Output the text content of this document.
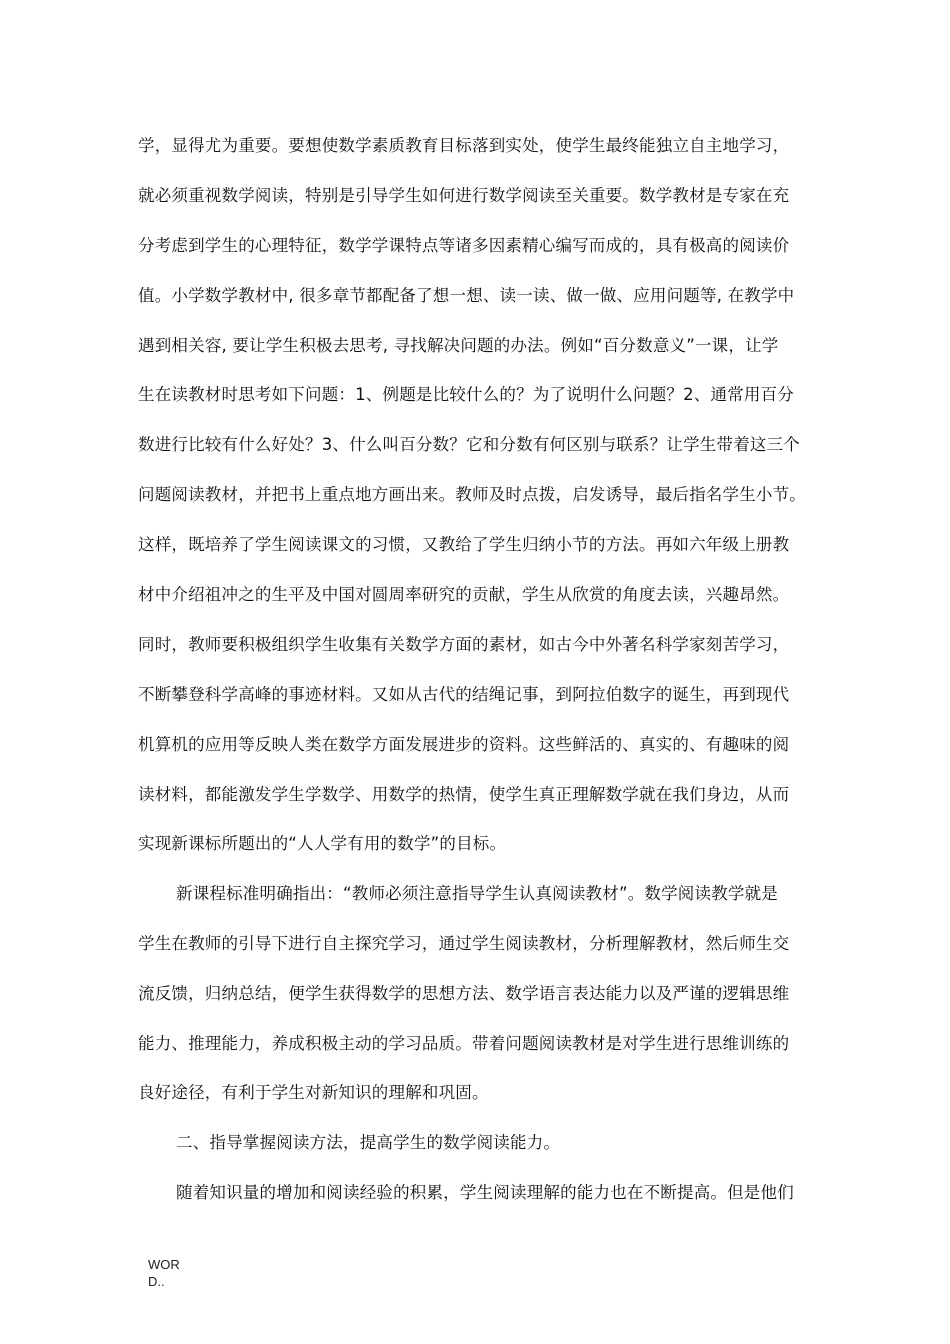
学，显得尤为重要。要想使数学素质教育目标落到实处，使学生最终能独立自主地学习，
就必须重视数学阅读，特别是引导学生如何进行数学阅读至关重要。数学教材是专家在充
分考虑到学生的心理特征，数学学课特点等诸多因素精心编写而成的，具有极高的阅读价
值。小学数学教材中, 很多章节都配备了想一想、读一读、做一做、应用问题等, 在教学中
遇到相关容, 要让学生积极去思考, 寻找解决问题的办法。例如“百分数意义”一课，让学
生在读教材时思考如下问题：1、例题是比较什么的？为了说明什么问题？2、通常用百分
数进行比较有什么好处？3、什么叫百分数？它和分数有何区别与联系？让学生带着这三个
问题阅读教材，并把书上重点地方画出来。教师及时点拨，启发诱导，最后指名学生小节。
这样，既培养了学生阅读课文的习惯，又教给了学生归纳小节的方法。再如六年级上册教
材中介绍祖冲之的生平及中国对圆周率研究的贡献，学生从欣赏的角度去读，兴趣昂然。
同时，教师要积极组织学生收集有关数学方面的素材，如古今中外著名科学家刻苦学习，
不断攀登科学高峰的事迹材料。又如从古代的结绳记事，到阿拉伯数字的诞生，再到现代
机算机的应用等反映人类在数学方面发展进步的资料。这些鲜活的、真实的、有趣味的阅
读材料，都能激发学生学数学、用数学的热情，使学生真正理解数学就在我们身边，从而
实现新课标所题出的“人人学有用的数学”的目标。
新课程标准明确指出：“教师必须注意指导学生认真阅读教材”。数学阅读教学就是
学生在教师的引导下进行自主探究学习，通过学生阅读教材，分析理解教材，然后师生交
流反馈，归纳总结，便学生获得数学的思想方法、数学语言表达能力以及严谨的逻辑思维
能力、推理能力，养成积极主动的学习品质。带着问题阅读教材是对学生进行思维训练的
良好途径，有利于学生对新知识的理解和巩固。
二、指导掌握阅读方法，提高学生的数学阅读能力。
随着知识量的增加和阅读经验的积累，学生阅读理解的能力也在不断提高。但是他们
WOR
D..
